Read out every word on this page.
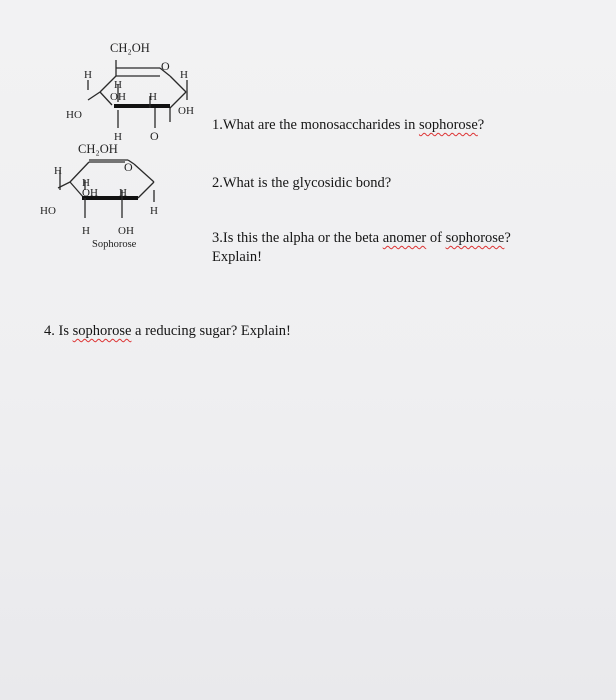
CH₂OH
O
H	H
H
OH H
HO	OH
H O
CH₂OH
O
H
H
OH H
HO	H
H	OH
Sophorose
1.What are the monosaccharides in sophorose?
2.What is the glycosidic bond?
3.Is this the alpha or the beta anomer of sophorose?
Explain!
4. Is sophorose a reducing sugar? Explain!
